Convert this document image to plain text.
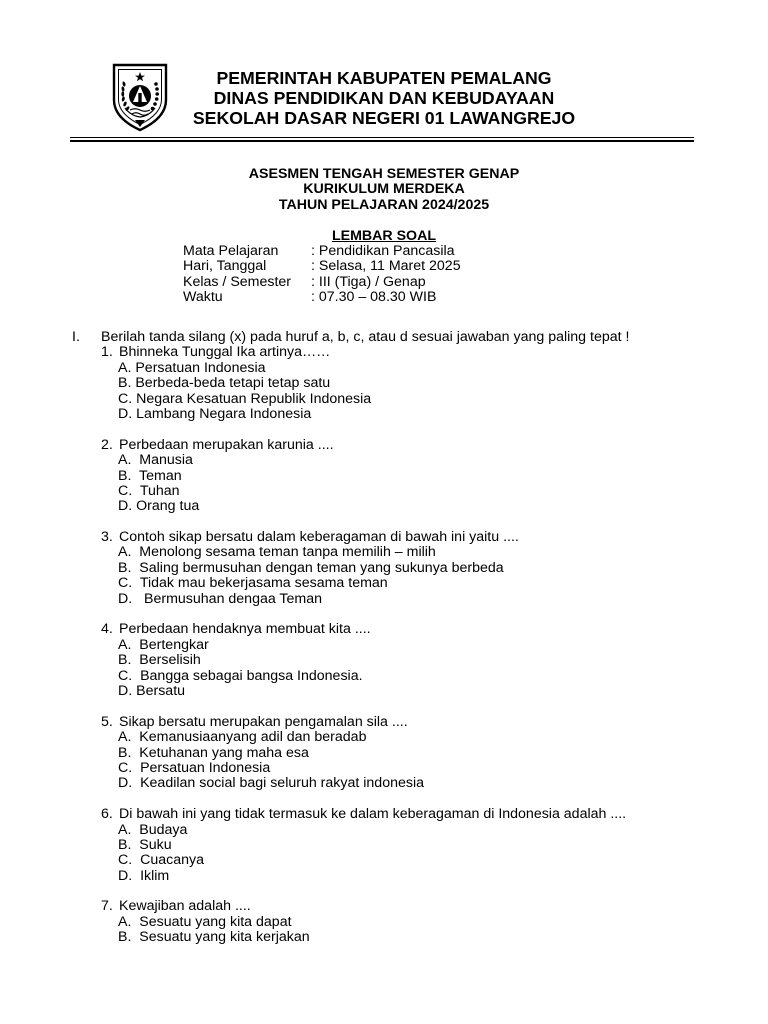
PEMERINTAH KABUPATEN PEMALANG
DINAS PENDIDIKAN DAN KEBUDAYAAN
SEKOLAH DASAR NEGERI 01 LAWANGREJO
ASESMEN TENGAH SEMESTER GENAP
KURIKULUM MERDEKA
TAHUN PELAJARAN 2024/2025
LEMBAR SOAL
Mata Pelajaran	: Pendidikan Pancasila
Hari, Tanggal	: Selasa, 11 Maret 2025
Kelas / Semester	: III (Tiga) / Genap
Waktu	: 07.30 – 08.30 WIB
I.	Berilah tanda silang (x) pada huruf a, b, c, atau d sesuai jawaban yang paling tepat !
1. Bhinneka Tunggal Ika artinya……
A. Persatuan Indonesia
B. Berbeda-beda tetapi tetap satu
C. Negara Kesatuan Republik Indonesia
D. Lambang Negara Indonesia
2. Perbedaan merupakan karunia ....
A.  Manusia
B.  Teman
C.  Tuhan
D. Orang tua
3. Contoh sikap bersatu dalam keberagaman di bawah ini yaitu ....
A.  Menolong sesama teman tanpa memilih – milih
B.  Saling bermusuhan dengan teman yang sukunya berbeda
C.  Tidak mau bekerjasama sesama teman
D.   Bermusuhan dengaa Teman
4. Perbedaan hendaknya membuat kita ....
A.  Bertengkar
B.  Berselisih
C.  Bangga sebagai bangsa Indonesia.
D. Bersatu
5. Sikap bersatu merupakan pengamalan sila ....
A.  Kemanusiaanyang adil dan beradab
B.  Ketuhanan yang maha esa
C.  Persatuan Indonesia
D.  Keadilan social bagi seluruh rakyat indonesia
6. Di bawah ini yang tidak termasuk ke dalam keberagaman di Indonesia adalah ....
A.  Budaya
B.  Suku
C.  Cuacanya
D.  Iklim
7. Kewajiban adalah ....
A.  Sesuatu yang kita dapat
B.  Sesuatu yang kita kerjakan
